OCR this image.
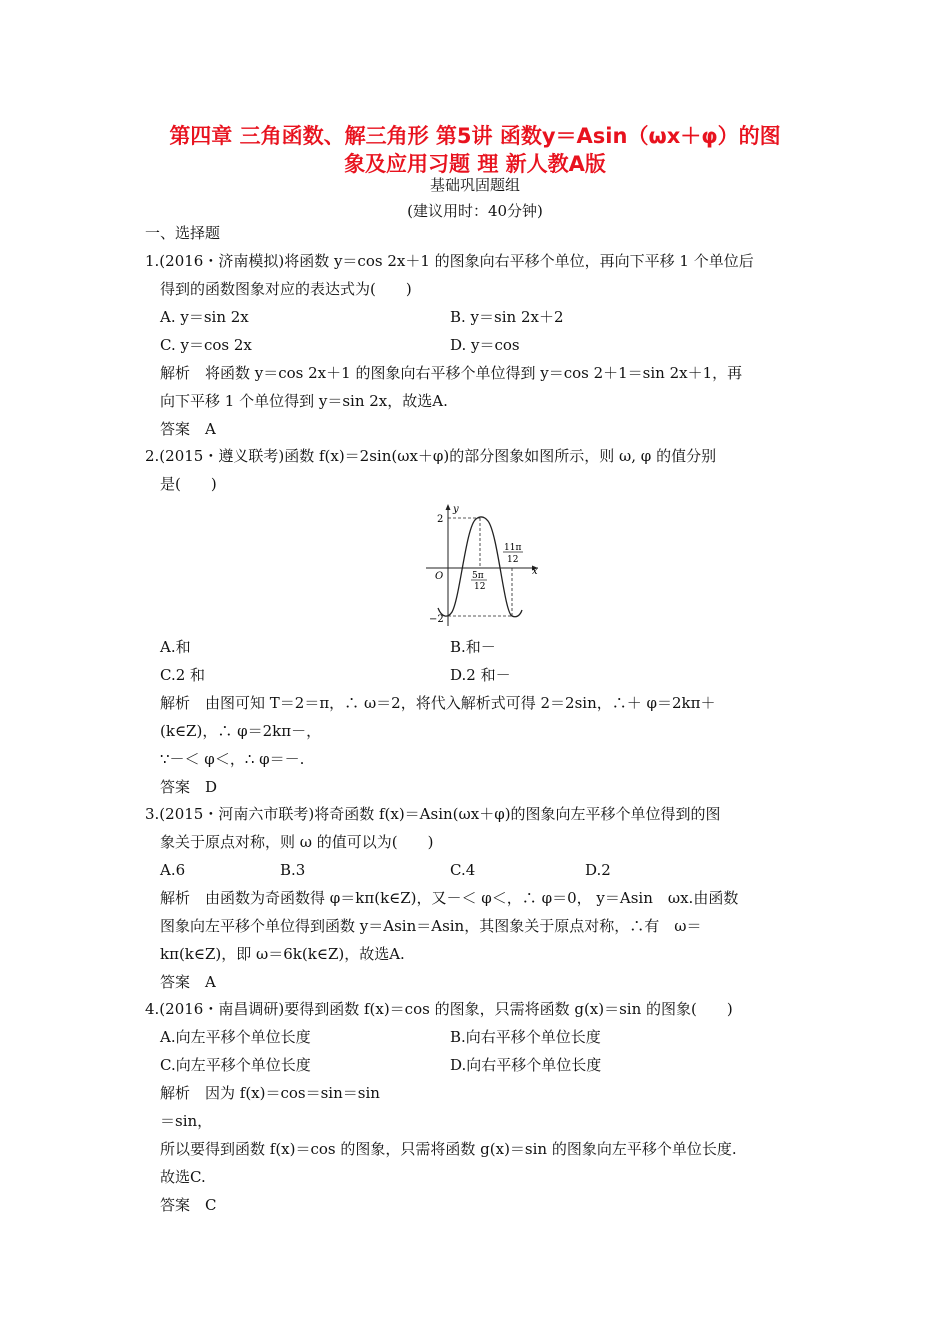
第四章 三角函数、解三角形 第5讲 函数y＝Asin（ωx＋φ）的图
象及应用习题 理 新人教A版
基础巩固题组
(建议用时：40分钟)
一、选择题
1.(2016・济南模拟)将函数 y＝cos 2x＋1 的图象向右平移个单位，再向下平移 1 个单位后
得到的函数图象对应的表达式为(　　)
A. y＝sin 2x	B. y＝sin 2x＋2
C. y＝cos 2x	D. y＝cos
解析　将函数 y＝cos 2x＋1 的图象向右平移个单位得到 y＝cos 2＋1＝sin 2x＋1，再
向下平移 1 个单位得到 y＝sin 2x，故选A.
答案　A
2.(2015・遵义联考)函数 f(x)＝2sin(ωx＋φ)的部分图象如图所示，则 ω, φ 的值分别
是(　　)
2
−2
O	x
y
5π
12
11π
12
A.和	B.和－
C.2 和	D.2 和－
解析　由图可知 T＝2＝π，∴ ω＝2，将代入解析式可得 2＝2sin，∴＋ φ＝2kπ＋
(k∈Z)，∴ φ＝2kπ－，
∵－＜ φ＜，∴ φ＝－.
答案　D
3.(2015・河南六市联考)将奇函数 f(x)＝Asin(ωx＋φ)的图象向左平移个单位得到的图
象关于原点对称，则 ω 的值可以为(　　)
A.6	B.3	C.4	D.2
解析　由函数为奇函数得 φ＝kπ(k∈Z)，又－＜ φ＜，∴ φ＝0， y＝Asin　ωx.由函数
图象向左平移个单位得到函数 y＝Asin＝Asin，其图象关于原点对称，∴有　ω＝
kπ(k∈Z)，即 ω＝6k(k∈Z)，故选A.
答案　A
4.(2016・南昌调研)要得到函数 f(x)＝cos 的图象，只需将函数 g(x)＝sin 的图象(　　)
A.向左平移个单位长度	B.向右平移个单位长度
C.向左平移个单位长度	D.向右平移个单位长度
解析　因为 f(x)＝cos＝sin＝sin
＝sin，
所以要得到函数 f(x)＝cos 的图象，只需将函数 g(x)＝sin 的图象向左平移个单位长度.
故选C.
答案　C
